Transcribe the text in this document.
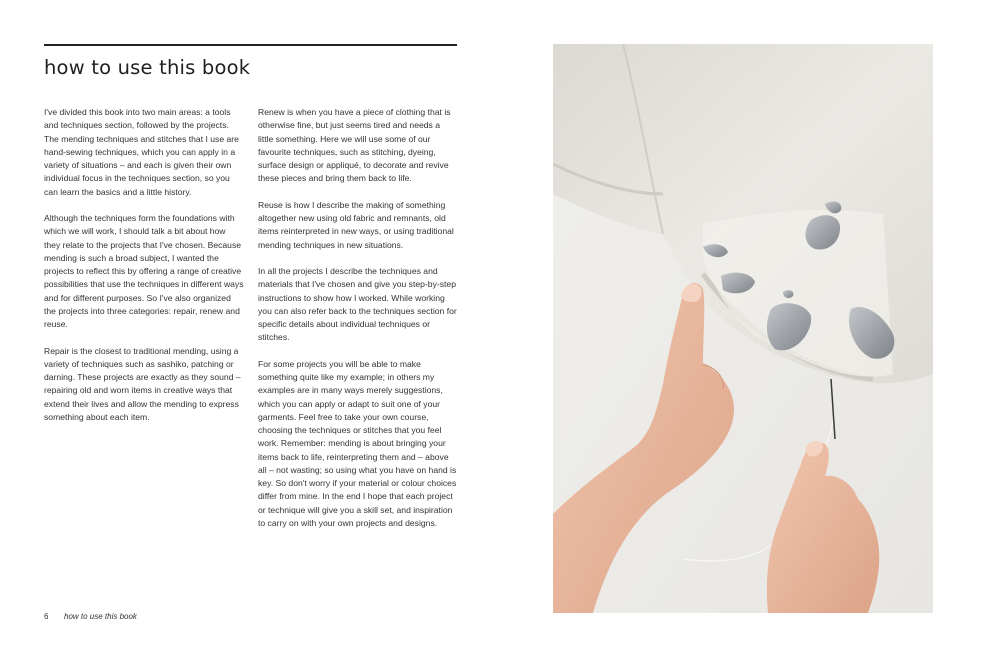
how to use this book

I've divided this book into two main areas: a tools and techniques section, followed by the projects. The mending techniques and stitches that I use are hand-sewing techniques, which you can apply in a variety of situations – and each is given their own individual focus in the techniques section, so you can learn the basics and a little history.

Although the techniques form the foundations with which we will work, I should talk a bit about how they relate to the projects that I've chosen. Because mending is such a broad subject, I wanted the projects to reflect this by offering a range of creative possibilities that use the techniques in different ways and for different purposes. So I've also organized the projects into three categories: repair, renew and reuse.

Repair is the closest to traditional mending, using a variety of techniques such as sashiko, patching or darning. These projects are exactly as they sound – repairing old and worn items in creative ways that extend their lives and allow the mending to express something about each item.

Renew is when you have a piece of clothing that is otherwise fine, but just seems tired and needs a little something. Here we will use some of our favourite techniques, such as stitching, dyeing, surface design or appliqué, to decorate and revive these pieces and bring them back to life.

Reuse is how I describe the making of something altogether new using old fabric and remnants, old items reinterpreted in new ways, or using traditional mending techniques in new situations.

In all the projects I describe the techniques and materials that I've chosen and give you step-by-step instructions to show how I worked. While working you can also refer back to the techniques section for specific details about individual techniques or stitches.

For some projects you will be able to make something quite like my example; in others my examples are in many ways merely suggestions, which you can apply or adapt to suit one of your garments. Feel free to take your own course, choosing the techniques or stitches that you feel work. Remember: mending is about bringing your items back to life, reinterpreting them and – above all – not wasting; so using what you have on hand is key. So don't worry if your material or colour choices differ from mine. In the end I hope that each project or technique will give you a skill set, and inspiration to carry on with your own projects and designs.

6 how to use this book
